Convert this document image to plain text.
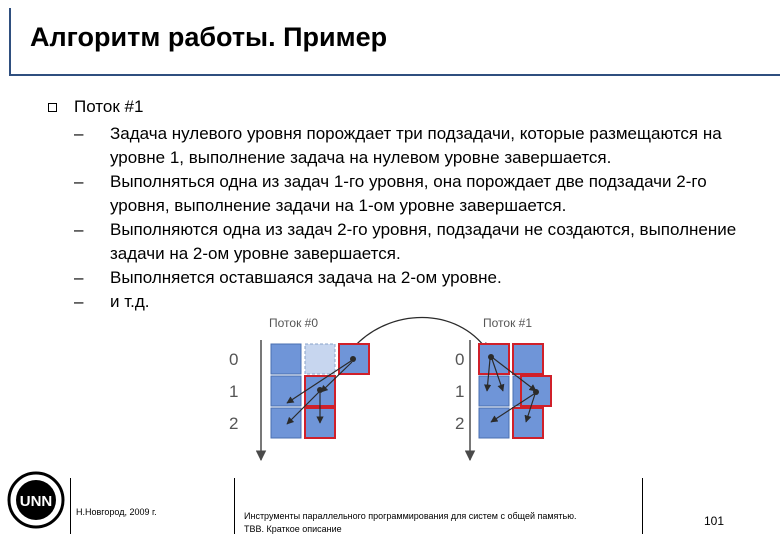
Алгоритм работы. Пример
Поток #1
– Задача нулевого уровня порождает три подзадачи, которые размещаются на уровне 1, выполнение задача на нулевом уровне завершается.
– Выполняться одна из задач 1-го уровня, она порождает две подзадачи 2-го уровня, выполнение задачи на 1-ом уровне завершается.
– Выполняются одна из задач 2-го уровня, подзадачи не создаются, выполнение задачи на 2-ом уровне завершается.
– Выполняется оставшаяся задача на 2-ом уровне.
– и т.д.
Поток #0	Поток #1
0
1
2
0
1
2
UNN
Н.Новгород, 2009 г.	Инструменты параллельного программирования для систем с общей памятью.
ТВВ. Краткое описание
101
